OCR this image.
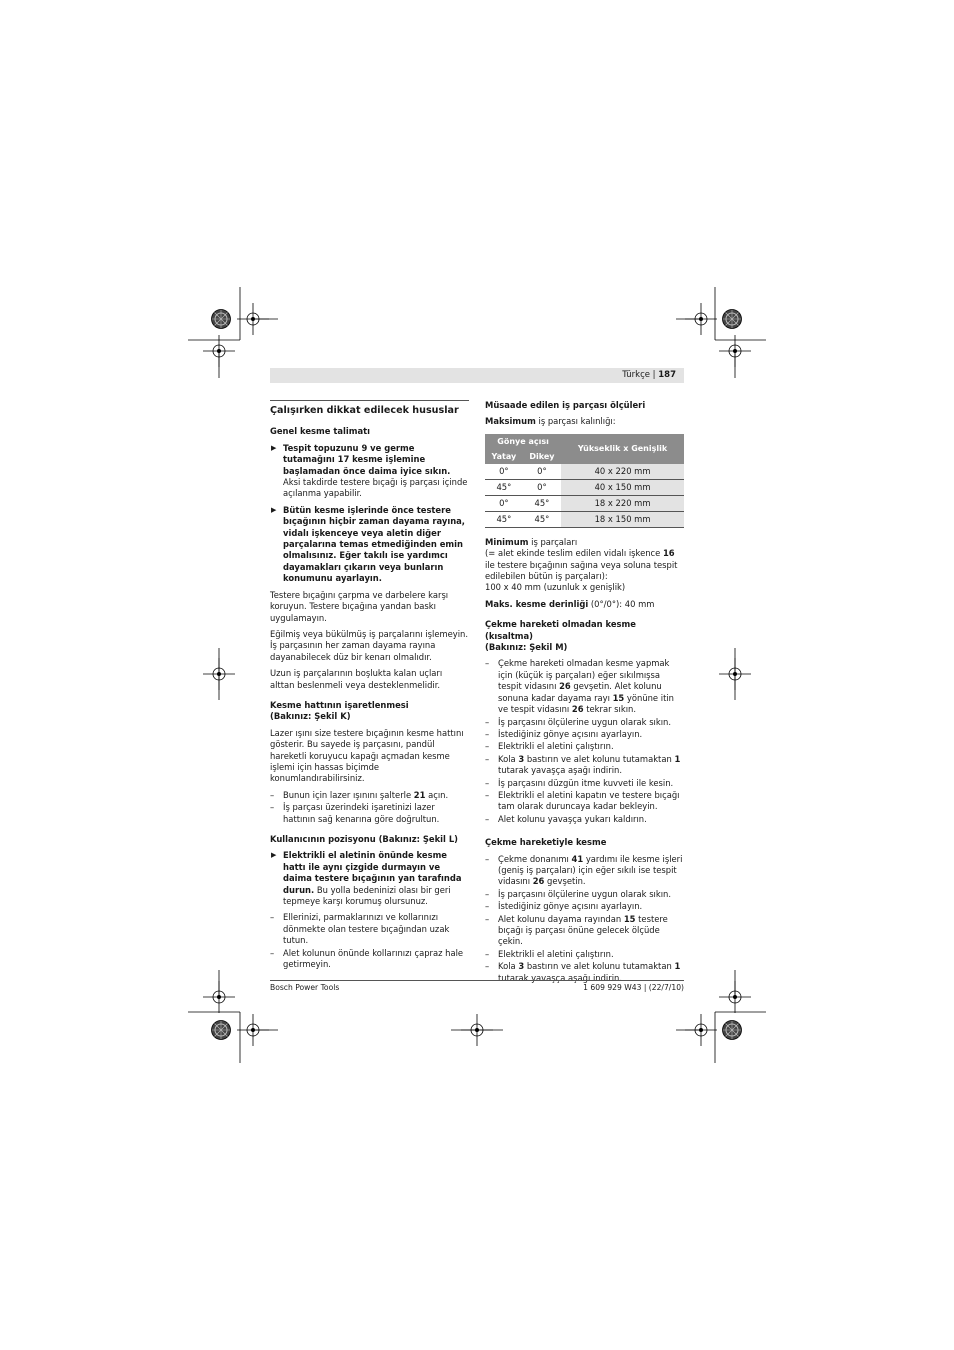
Türkçe | 187
Çalışırken dikkat edilecek hususlar
Genel kesme talimatı
▶ Tespit topuzunu 9 ve germe tutamağını 17 kesme işlemine başlamadan önce daima iyice sıkın. Aksi takdirde testere bıçağı iş parçası içinde açılanma yapabilir.
▶ Bütün kesme işlerinde önce testere bıçağının hiçbir zaman dayama rayına, vidalı işkenceye veya aletin diğer parçalarına temas etmediğinden emin olmalısınız. Eğer takılı ise yardımcı dayamakları çıkarın veya bunların konumunu ayarlayın.

Testere bıçağını çarpma ve darbelere karşı koruyun. Testere bıçağına yandan baskı uygulamayın.

Eğilmiş veya bükülmüş iş parçalarını işlemeyin. İş parçasının her zaman dayama rayına dayanabilecek düz bir kenarı olmalıdır.

Uzun iş parçalarının boşlukta kalan uçları alttan beslenmeli veya desteklenmelidir.

Kesme hattının işaretlenmesi
(Bakınız: Şekil K)

Lazer ışını size testere bıçağının kesme hattını gösterir. Bu sayede iş parçasını, pandül hareketli koruyucu kapağı açmadan kesme işlemi için hassas biçimde konumlandırabilirsiniz.

– Bunun için lazer ışınını şalterle 21 açın.
– İş parçası üzerindeki işaretinizi lazer hattının sağ kenarına göre doğrultun.
Kullanıcının pozisyonu (Bakınız: Şekil L)
▶ Elektrikli el aletinin önünde kesme hattı ile aynı çizgide durmayın ve daima testere bıçağının yan tarafında durun. Bu yolla bedeninizi olası bir geri tepmeye karşı korumuş olursunuz.
– Ellerinizi, parmaklarınızı ve kollarınızı dönmekte olan testere bıçağından uzak tutun.
– Alet kolunun önünde kollarınızı çapraz hale getirmeyin.
Müsaade edilen iş parçası ölçüleri

Maksimum iş parçası kalınlığı:

Gönye açısı		Yükseklik x Genişlik
Yatay	Dikey	
0°	0°	40 x 220 mm
45°	0°	40 x 150 mm
0°	45°	18 x 220 mm
45°	45°	18 x 150 mm

Minimum iş parçaları
(= alet ekinde teslim edilen vidalı işkence 16 ile testere bıçağının sağına veya soluna tespit edilebilen bütün iş parçaları):
100 x 40 mm (uzunluk x genişlik)

Maks. kesme derinliği (0°/0°): 40 mm

Çekme hareketi olmadan kesme (kısaltma)
(Bakınız: Şekil M)
– Çekme hareketi olmadan kesme yapmak için (küçük iş parçaları) eğer sıkılmışsa tespit vidasını 26 gevşetin. Alet kolunu sonuna kadar dayama rayı 15 yönüne itin ve tespit vidasını 26 tekrar sıkın.
– İş parçasını ölçülerine uygun olarak sıkın.
– İstediğiniz gönye açısını ayarlayın.
– Elektrikli el aletini çalıştırın.
– Kola 3 bastırın ve alet kolunu tutamaktan 1 tutarak yavaşça aşağı indirin.
– İş parçasını düzgün itme kuvveti ile kesin.
– Elektrikli el aletini kapatın ve testere bıçağı tam olarak duruncaya kadar bekleyin.
– Alet kolunu yavaşça yukarı kaldırın.
Çekme hareketiyle kesme
– Çekme donanımı 41 yardımı ile kesme işleri (geniş iş parçaları) için eğer sıkılı ise tespit vidasını 26 gevşetin.
– İş parçasını ölçülerine uygun olarak sıkın.
– İstediğiniz gönye açısını ayarlayın.
– Alet kolunu dayama rayından 15 testere bıçağı iş parçası önüne gelecek ölçüde çekin.
– Elektrikli el aletini çalıştırın.
– Kola 3 bastırın ve alet kolunu tutamaktan 1 tutarak yavaşça aşağı indirin.
Bosch Power Tools	1 609 929 W43 | (22/7/10)
